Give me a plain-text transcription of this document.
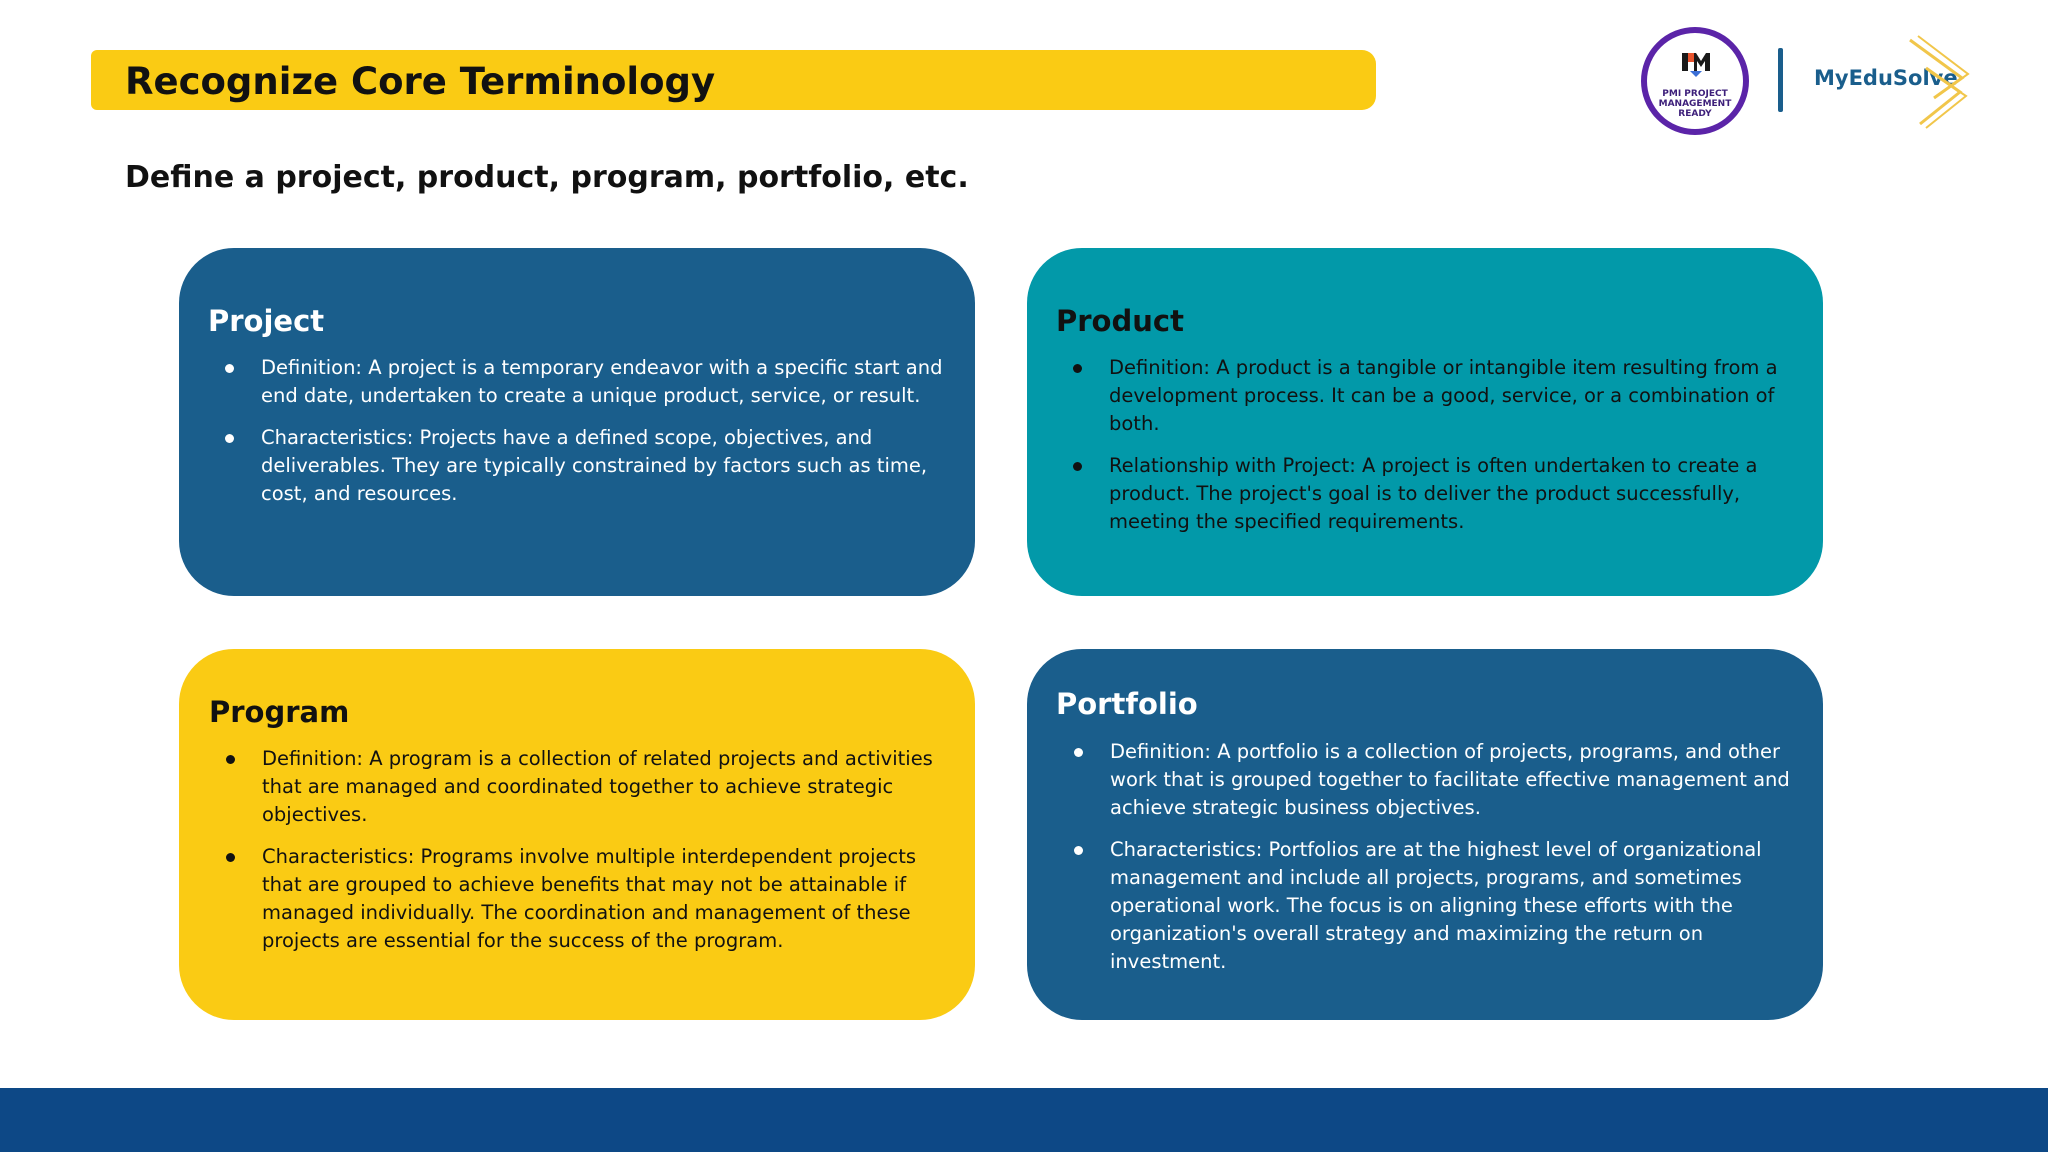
Recognize Core Terminology
Define a project, product, program, portfolio, etc.
PMI PROJECT MANAGEMENT READY
MyEduSolve
Project
Definition: A project is a temporary endeavor with a specific start and end date, undertaken to create a unique product, service, or result.
Characteristics: Projects have a defined scope, objectives, and deliverables. They are typically constrained by factors such as time, cost, and resources.
Product
Definition: A product is a tangible or intangible item resulting from a development process. It can be a good, service, or a combination of both.
Relationship with Project: A project is often undertaken to create a product. The project's goal is to deliver the product successfully, meeting the specified requirements.
Program
Definition: A program is a collection of related projects and activities that are managed and coordinated together to achieve strategic objectives.
Characteristics: Programs involve multiple interdependent projects that are grouped to achieve benefits that may not be attainable if managed individually. The coordination and management of these projects are essential for the success of the program.
Portfolio
Definition: A portfolio is a collection of projects, programs, and other work that is grouped together to facilitate effective management and achieve strategic business objectives.
Characteristics: Portfolios are at the highest level of organizational management and include all projects, programs, and sometimes operational work. The focus is on aligning these efforts with the organization's overall strategy and maximizing the return on investment.
